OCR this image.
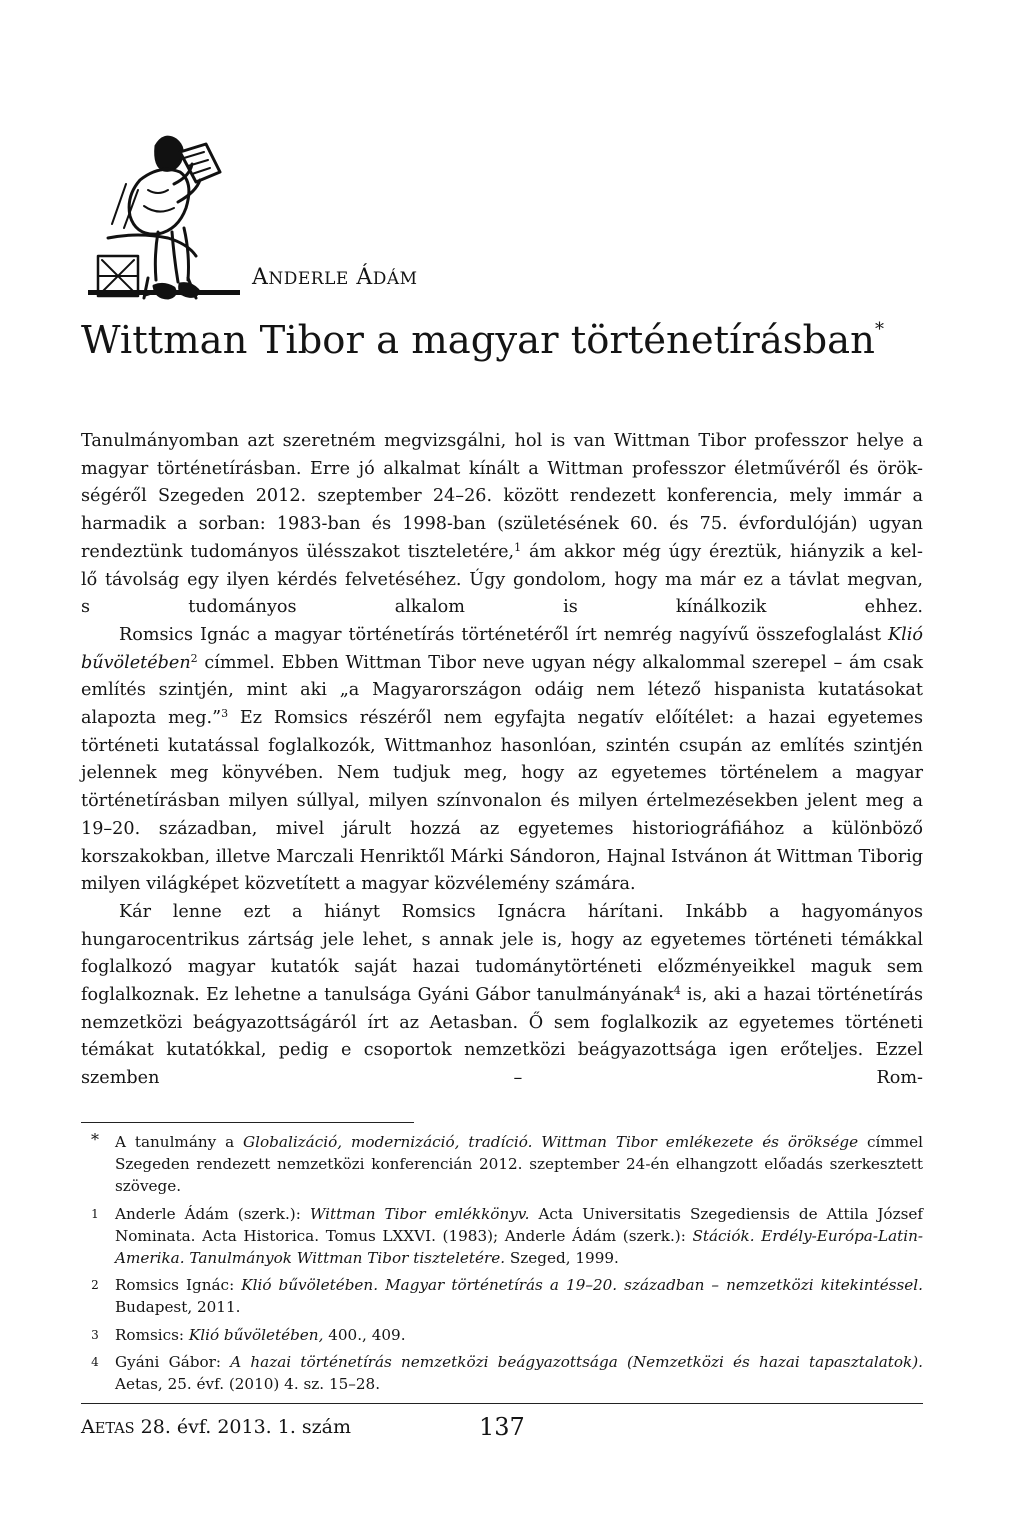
ANDERLE ÁDÁM
Wittman Tibor a magyar történetírásban*

Tanulmányomban azt szeretném megvizsgálni, hol is van Wittman Tibor professzor helye a
magyar történetírásban. Erre jó alkalmat kínált a Wittman professzor életművéről és örök-
ségéről Szegeden 2012. szeptember 24–26. között rendezett konferencia, mely immár a
harmadik a sorban: 1983-ban és 1998-ban (születésének 60. és 75. évfordulóján) ugyan
rendeztünk tudományos ülésszakot tiszteletére,$^1$ ám akkor még úgy éreztük, hiányzik a kel-
lő távolság egy ilyen kérdés felvetéséhez. Úgy gondolom, hogy ma már ez a távlat megvan,
s tudományos alkalom is kínálkozik ehhez.

Romsics Ignác a magyar történetírás történetéről írt nemrég nagyívű összefoglalást Klió bűvöletében$^2$ címmel. Ebben Wittman Tibor neve ugyan négy alkalommal szerepel – ám csak említés szintjén, mint aki „a Magyarországon odáig nem létező hispanista kutatásokat alapozta meg.”$^3$ Ez Romsics részéről nem egyfajta negatív előítélet: a hazai egyetemes történeti kutatással foglalkozók, Wittmanhoz hasonlóan, szintén csupán az említés szintjén jelennek meg könyvében. Nem tudjuk meg, hogy az egyetemes történelem a magyar történetírásban milyen súllyal, milyen színvonalon és milyen értelmezésekben jelent meg a 19–20. században, mivel járult hozzá az egyetemes historiográfiához a különböző korszakokban, illetve Marczali Henriktől Márki Sándoron, Hajnal Istvánon át Wittman Tiborig milyen világképet közvetített a magyar közvélemény számára.

Kár lenne ezt a hiányt Romsics Ignácra hárítani. Inkább a hagyományos hungarocentrikus zártság jele lehet, s annak jele is, hogy az egyetemes történeti témákkal foglalkozó magyar kutatók saját hazai tudománytörténeti előzményeikkel maguk sem foglalkoznak. Ez lehetne a tanulsága Gyáni Gábor tanulmányának$^4$ is, aki a hazai történetírás nemzetközi beágyazottságáról írt az Aetasban. Ő sem foglalkozik az egyetemes történeti témákat kutatókkal, pedig e csoportok nemzetközi beágyazottsága igen erőteljes. Ezzel szemben – Rom-

*	A tanulmány a Globalizáció, modernizáció, tradíció. Wittman Tibor emlékezete és öröksége címmel Szegeden rendezett nemzetközi konferencián 2012. szeptember 24-én elhangzott előadás szerkesztett szövege.
1	Anderle Ádám (szerk.): Wittman Tibor emlékkönyv. Acta Universitatis Szegediensis de Attila József Nominata. Acta Historica. Tomus LXXVI. (1983); Anderle Ádám (szerk.): Stációk. Erdély-Európa-Latin-Amerika. Tanulmányok Wittman Tibor tiszteletére. Szeged, 1999.
2	Romsics Ignác: Klió bűvöletében. Magyar történetírás a 19–20. században – nemzetközi kitekintéssel. Budapest, 2011.
3	Romsics: Klió bűvöletében, 400., 409.
4	Gyáni Gábor: A hazai történetírás nemzetközi beágyazottsága (Nemzetközi és hazai tapasztalatok). Aetas, 25. évf. (2010) 4. sz. 15–28.
AETAS 28. évf. 2013. 1. szám	137
